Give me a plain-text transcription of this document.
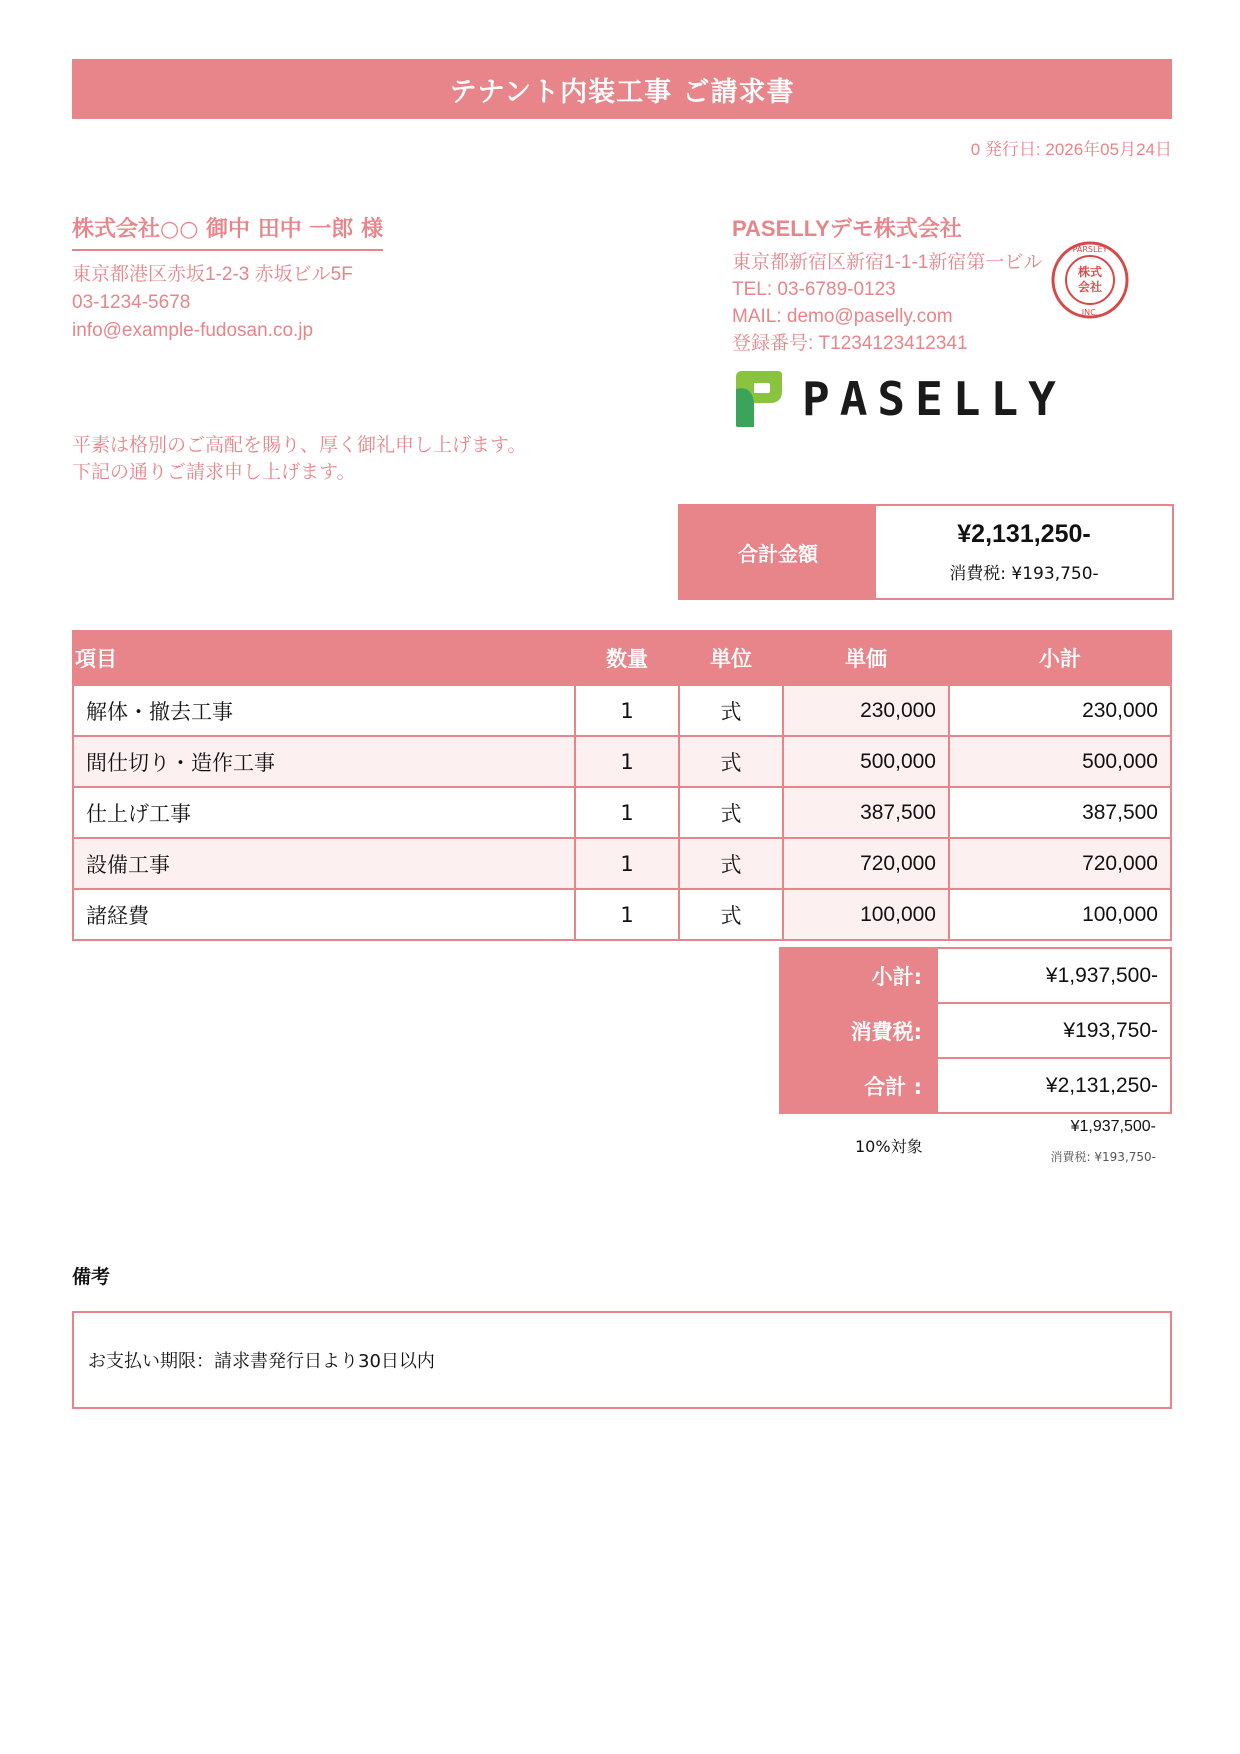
テナント内装工事 ご請求書
0 発行日: 2026年05月24日
株式会社○○ 御中 田中 一郎 様
東京都港区赤坂1-2-3 赤坂ビル5F
03-1234-5678
info@example-fudosan.co.jp
PASELLYデモ株式会社
東京都新宿区新宿1-1-1新宿第一ビル
TEL: 03-6789-0123
MAIL: demo@paselly.com
登録番号: T1234123412341
株式
会社
PARSLEY
INC.
PASELLY
平素は格別のご高配を賜り、厚く御礼申し上げます。
下記の通りご請求申し上げます。
合計金額
¥2,131,250-
消費税: ¥193,750-
項目	数量	単位	単価	小計
解体・撤去工事	1	式	230,000	230,000
間仕切り・造作工事	1	式	500,000	500,000
仕上げ工事	1	式	387,500	387,500
設備工事	1	式	720,000	720,000
諸経費	1	式	100,000	100,000
小計:	¥1,937,500-
消費税:	¥193,750-
合計 :	¥2,131,250-
10%対象
¥1,937,500-
消費税: ¥193,750-
備考
お支払い期限：請求書発行日より30日以内
